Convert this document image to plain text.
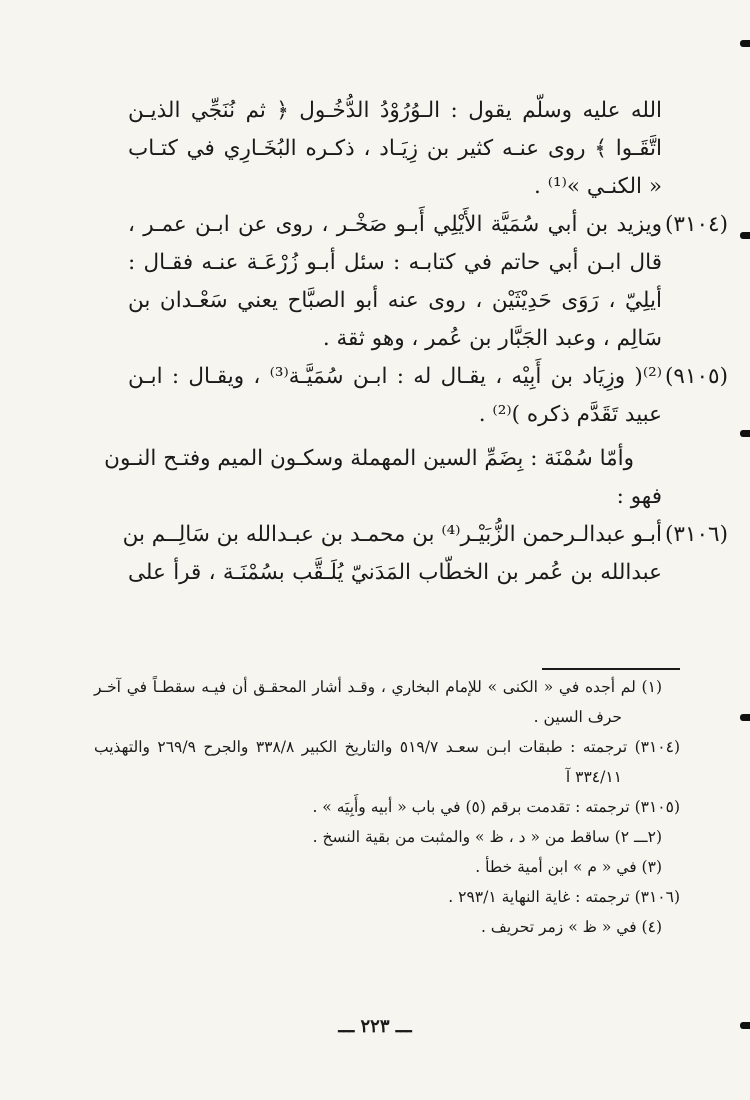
الله عليه وسلّم يقول : الـوُرُوْدُ الدُّخُـول ﴿ ثم نُنَجِّي الذيـن
اتَّقَـوا ﴾ روى عنـه كثير بن زِيَـاد ، ذكـره البُخَـارِي في كتـاب
« الكنـي »⁽¹⁾ .
(٣١٠٤)
ويزيد بن أبي سُمَيَّة الأَيْلِي أَبـو صَخْـر ، روى عن ابـن عمـر ،
قال ابـن أبي حاتم في كتابـه : سئل أبـو زُرْعَـة عنـه فقـال :
أيلِيّ ، رَوَى حَدِيْثَيْن ، روى عنه أبو الصبَّاح يعني سَعْـدان بن
سَالِم ، وعبد الجَبَّار بن عُمر ، وهو ثقة .
(٩١٠٥)
⁽²⁾( وزِيَاد بن أَبِيْه ، يقـال له : ابـن سُمَيَّـة⁽³⁾ ، ويقـال : ابـن
عبيد تَقَدَّم ذكره )⁽²⁾ .
وأمّا سُمْنَة : بِضَمِّ السين المهملة وسكـون الميم وفتـح النـون
فهو :
(٣١٠٦)
أبـو عبدالـرحمن الزُّبَيْـر⁽⁴⁾ بن محمـد بن عبـدالله بن سَالِــم بن
عبدالله بن عُمر بن الخطّاب المَدَنيّ يُلَـقَّب بسُمْنَـة ، قرأ على
(١) لم أجده في « الكنى » للإمام البخاري ، وقـد أشار المحقـق أن فيـه سقطـاً في آخـر
حرف السين .
(٣١٠٤) ترجمته : طبقات ابـن سعـد ٥١٩/٧ والتاريخ الكبير ٣٣٨/٨ والجرح ٢٦٩/٩ والتهذيب
٣٣٤/١١ آ
(٣١٠٥) ترجمته : تقدمت برقم (٥) في باب « أبيه وأَبِيَه » .
(٢ـــ ٢) ساقط من « د ، ظ » والمثبت من بقية النسخ .
(٣) في « م » ابن أمية خطأ .
(٣١٠٦) ترجمته : غاية النهاية ٢٩٣/١ .
(٤) في « ظ » زمر تحريف .
ـــ ٢٢٣ ـــ
